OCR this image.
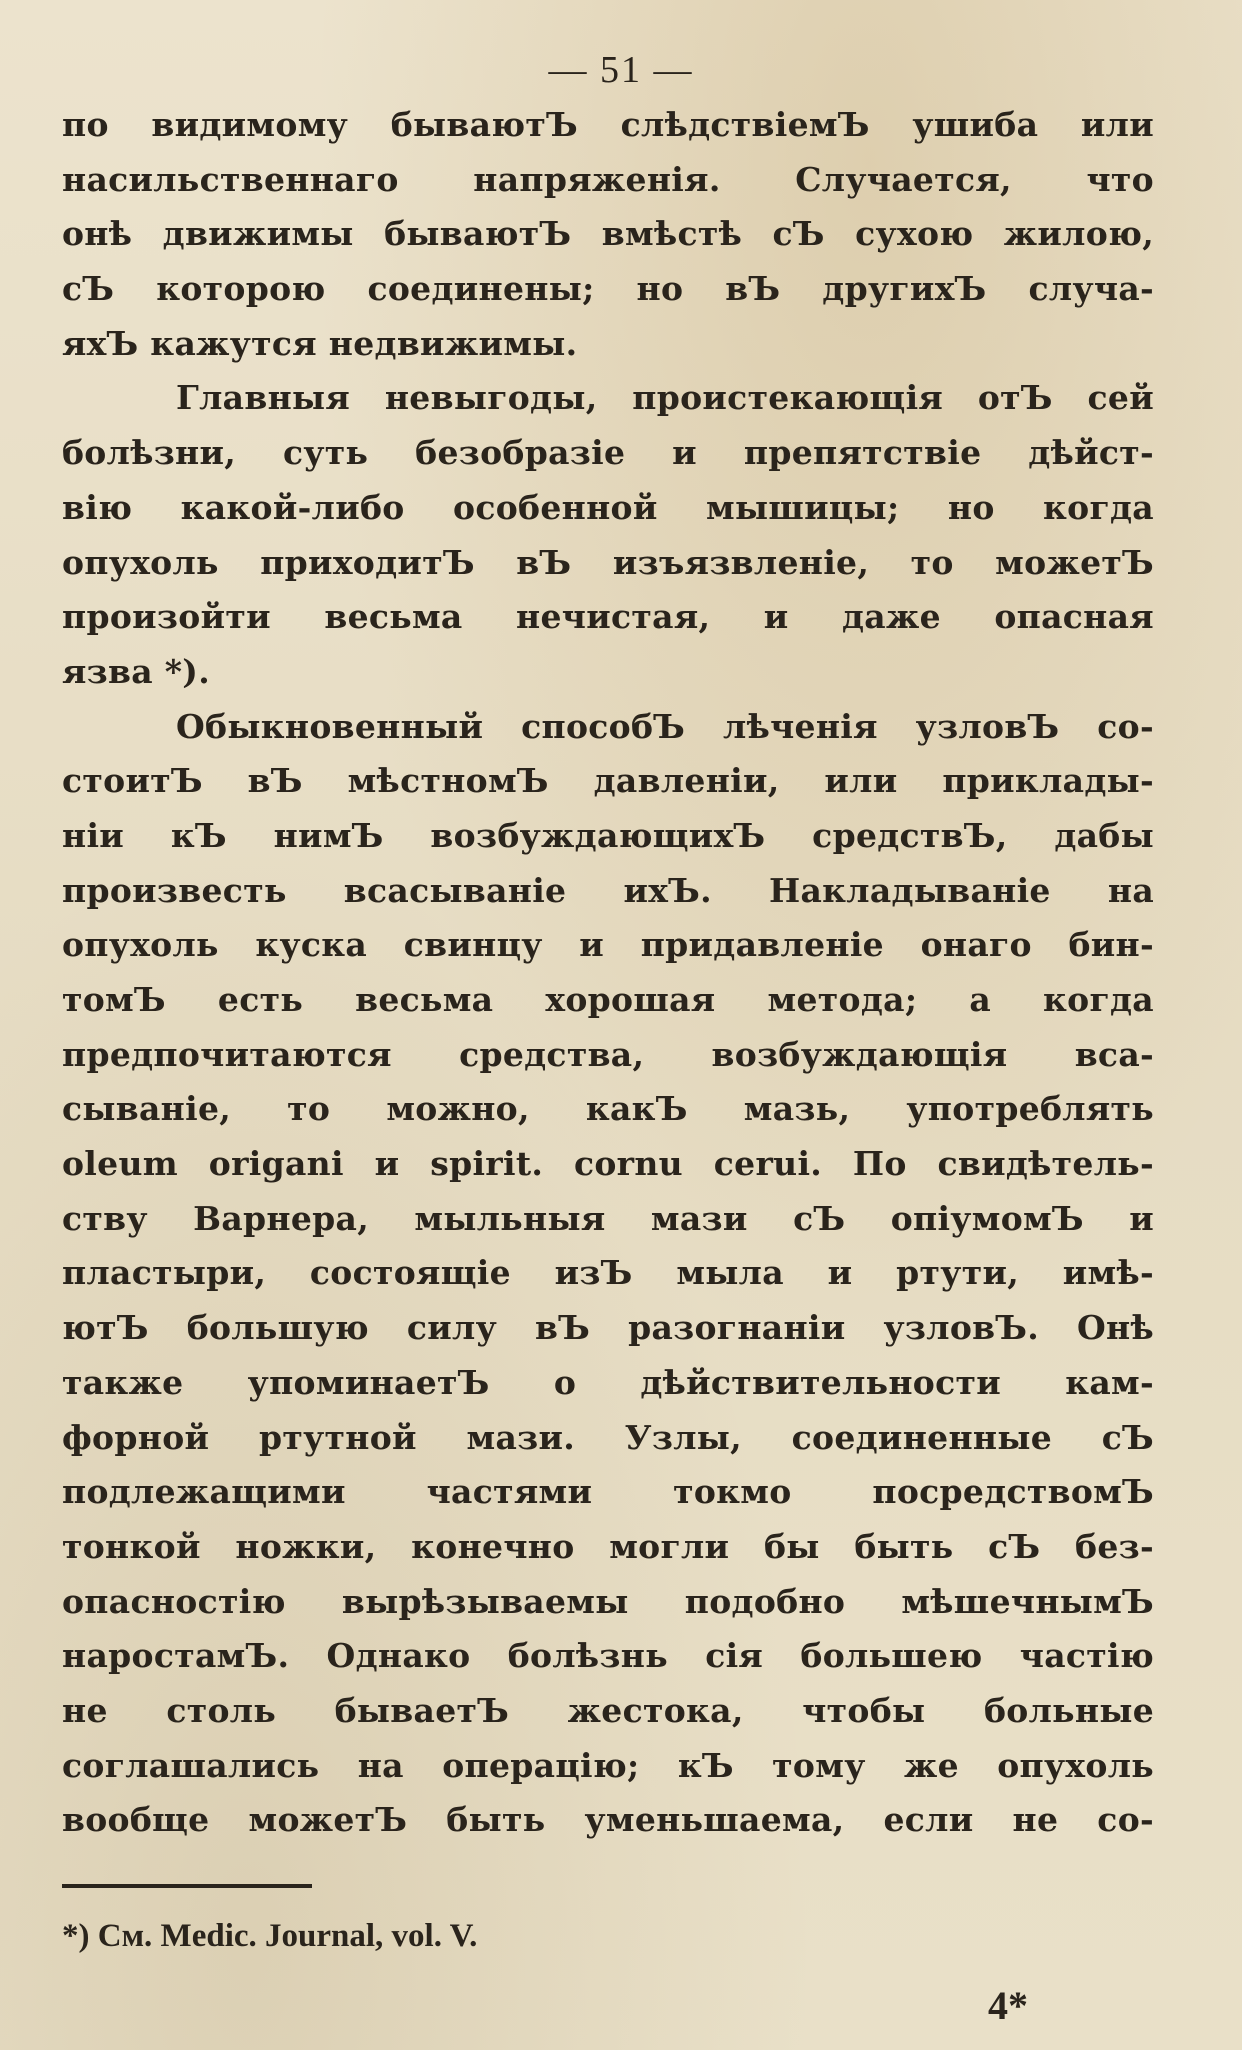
— 51 —
по видимому бываютЪ слѣдствіемЪ ушиба или
насильственнаго напряженія. Случается, что
онѣ движимы бываютЪ вмѣстѣ сЪ сухою жилою,
сЪ которою соединены; но вЪ другихЪ случа-
яхЪ кажутся недвижимы.
Главныя невыгоды, проистекающія отЪ сей
болѣзни, суть безобразіе и препятствіе дѣйст-
вію какой-либо особенной мышицы; но когда
опухоль приходитЪ вЪ изъязвленіе, то можетЪ
произойти весьма нечистая, и даже опасная
язва *).
Обыкновенный способЪ лѣченія узловЪ со-
стоитЪ вЪ мѣстномЪ давленіи, или приклады-
ніи кЪ нимЪ возбуждающихЪ средствЪ, дабы
произвесть всасываніе ихЪ. Накладываніе на
опухоль куска свинцу и придавленіе онаго бин-
томЪ есть весьма хорошая метода; а когда
предпочитаются средства, возбуждающія вса-
сываніе, то можно, какЪ мазь, употреблять
oleum origani и spirit. cornu cerui. По свидѣтель-
ству Варнера, мыльныя мази сЪ опіумомЪ и
пластыри, состоящіе изЪ мыла и ртути, имѣ-
ютЪ большую силу вЪ разогнаніи узловЪ. Онѣ
также упоминаетЪ о дѣйствительности кам-
форной ртутной мази. Узлы, соединенные сЪ
подлежащими частями токмо посредствомЪ
тонкой ножки, конечно могли бы быть сЪ без-
опасностію вырѣзываемы подобно мѣшечнымЪ
наростамЪ. Однако болѣзнь сія большею частію
не столь бываетЪ жестока, чтобы больные
соглашались на операцію; кЪ тому же опухоль
вообще можетЪ быть уменьшаема, если не со-
*) См. Medic. Journal, vol. V.
4*
